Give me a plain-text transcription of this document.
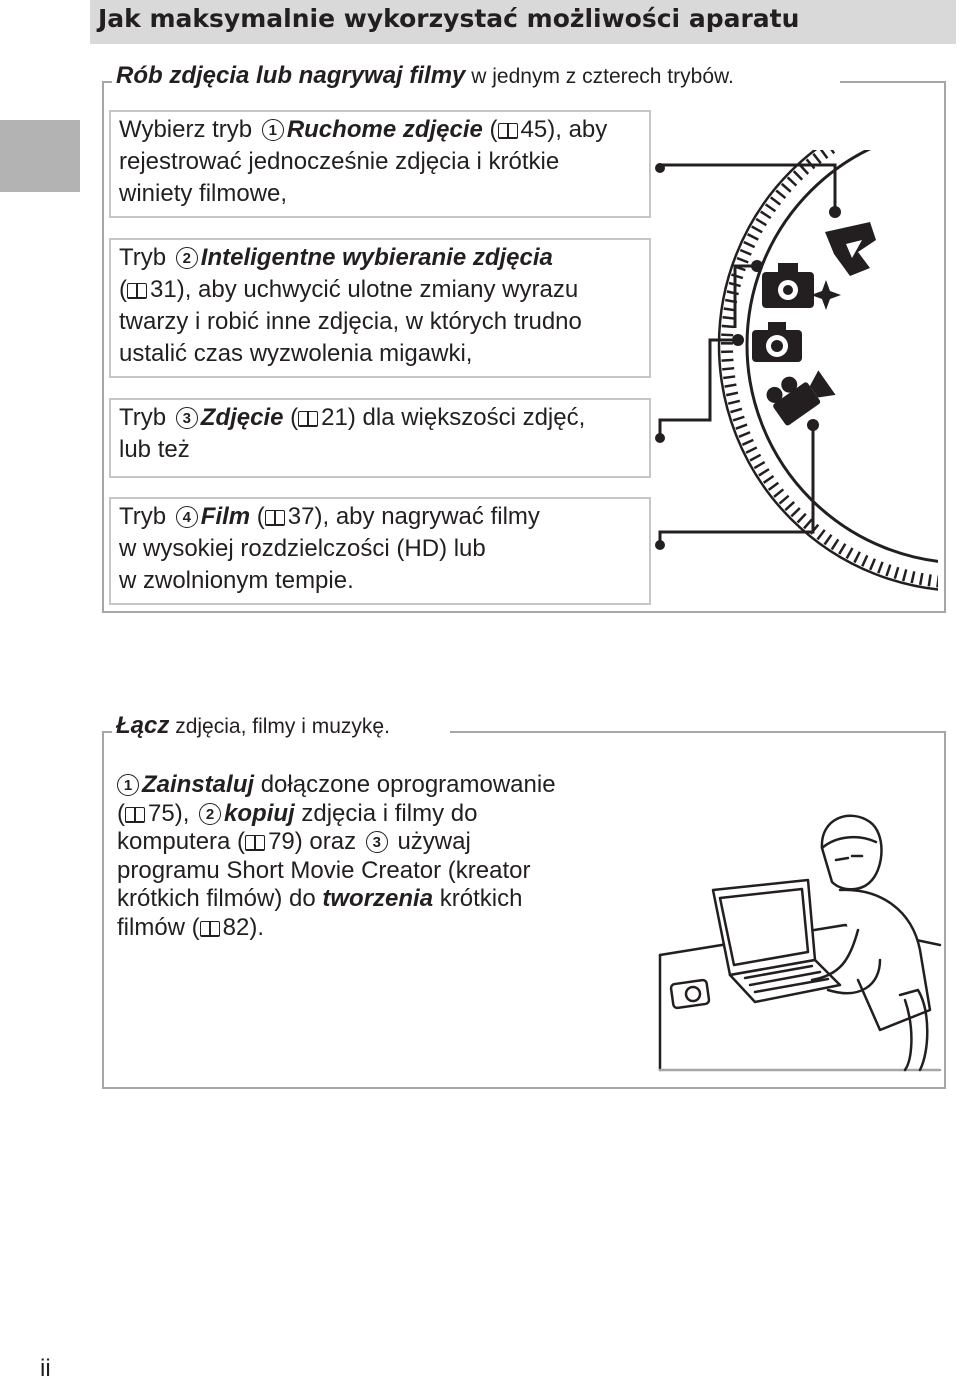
Jak maksymalnie wykorzystać możliwości aparatu
Rób zdjęcia lub nagrywaj filmy w jednym z czterech trybów.
Wybierz tryb 1 Ruchome zdjęcie ( 45), aby
rejestrować jednocześnie zdjęcia i krótkie
winiety filmowe,
Tryb 2 Inteligentne wybieranie zdjęcia
( 31), aby uchwycić ulotne zmiany wyrazu
twarzy i robić inne zdjęcia, w których trudno
ustalić czas wyzwolenia migawki,
Tryb 3 Zdjęcie ( 21) dla większości zdjęć,
lub też
Tryb 4 Film ( 37), aby nagrywać filmy
w wysokiej rozdzielczości (HD) lub
w zwolnionym tempie.
Łącz zdjęcia, filmy i muzykę.
1 Zainstaluj dołączone oprogramowanie
( 75), 2 kopiuj zdjęcia i filmy do
komputera ( 79) oraz 3 używaj
programu Short Movie Creator (kreator
krótkich filmów) do tworzenia krótkich
filmów ( 82).
ii
